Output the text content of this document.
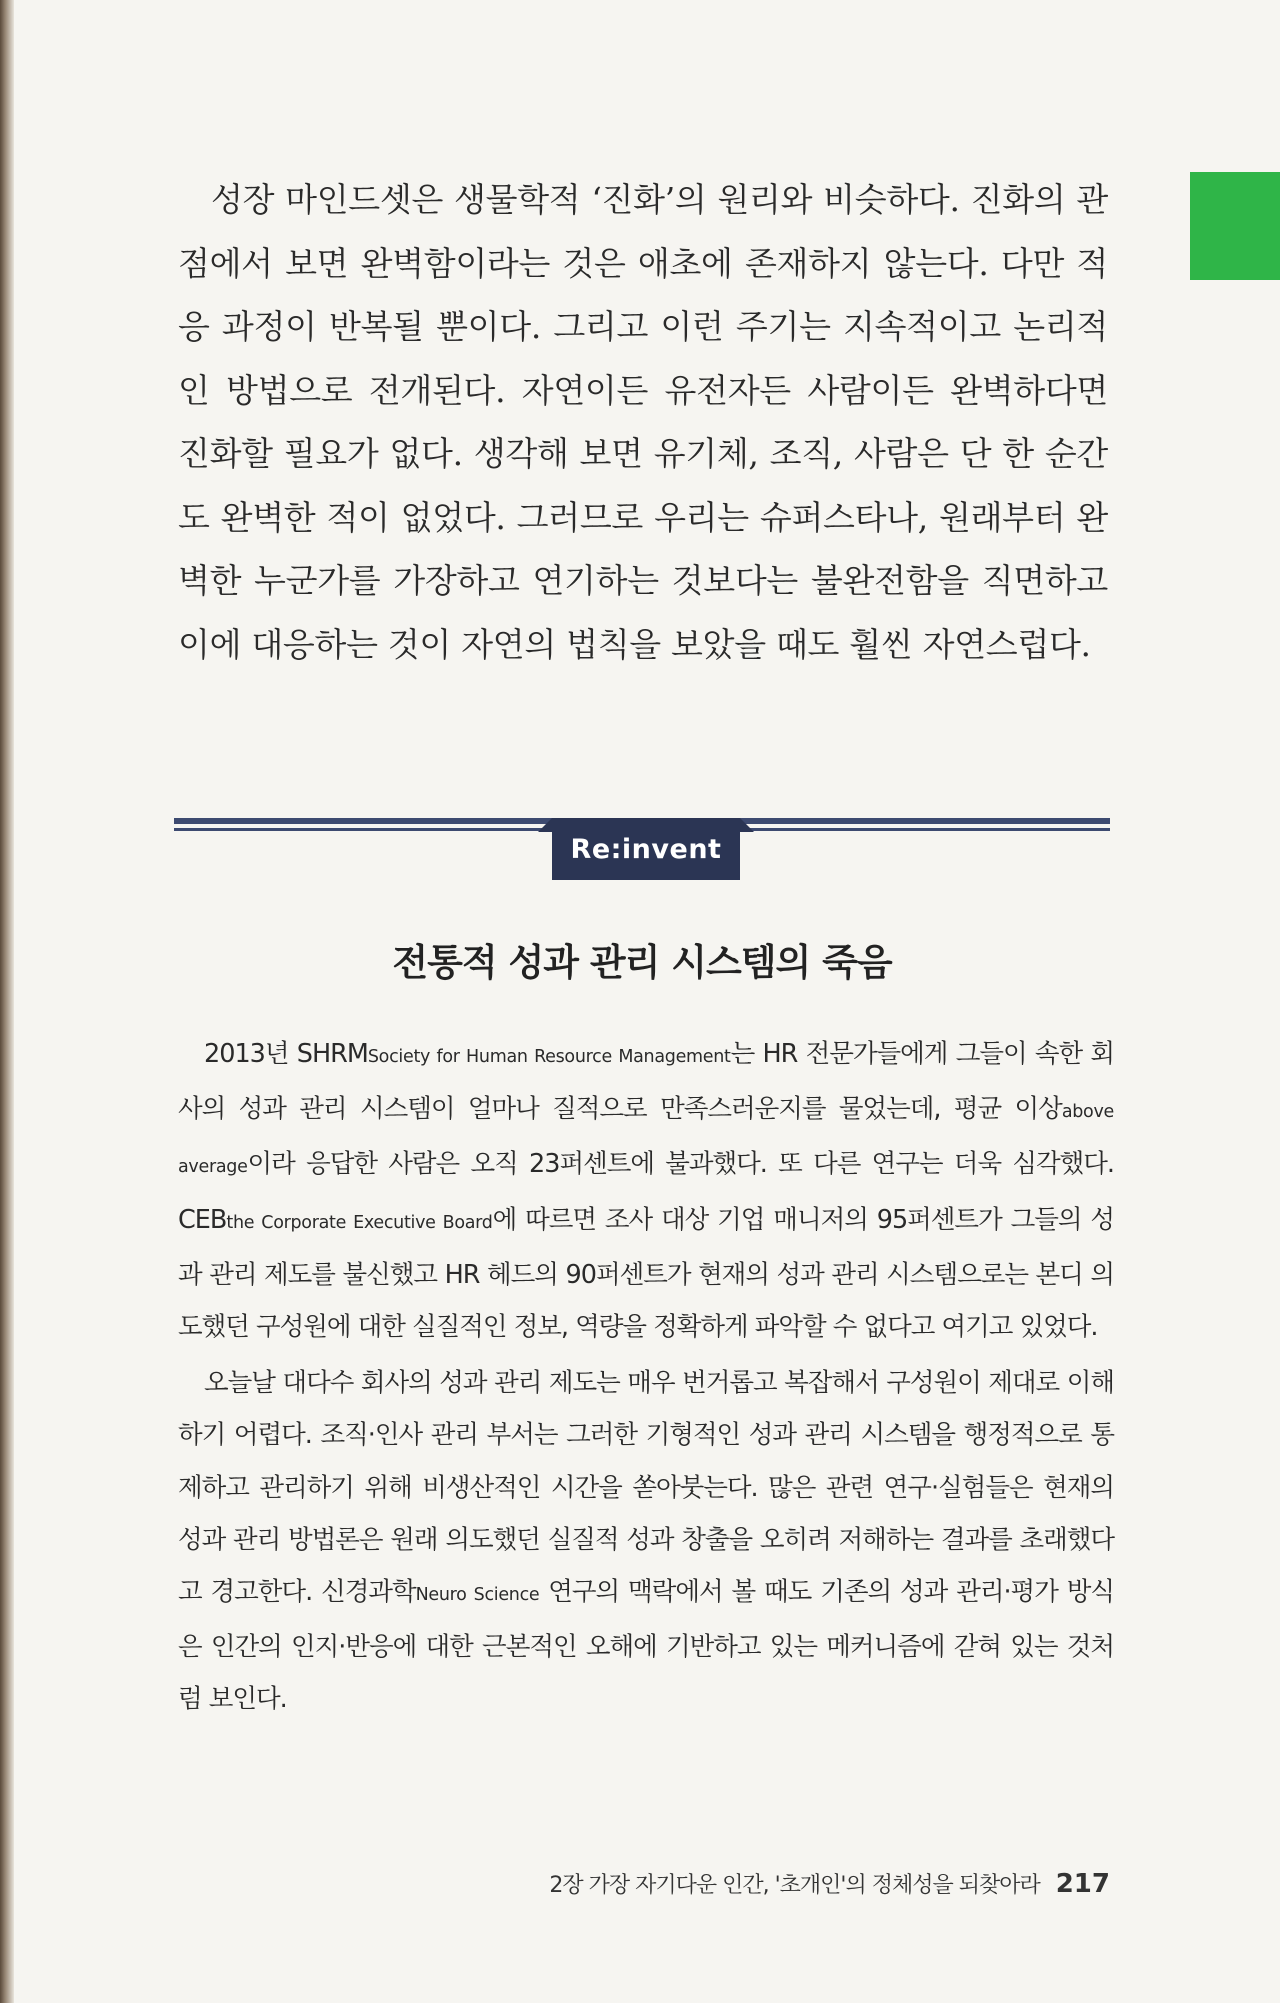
성장 마인드셋은 생물학적 ‘진화’의 원리와 비슷하다. 진화의 관점에서 보면 완벽함이라는 것은 애초에 존재하지 않는다. 다만 적응 과정이 반복될 뿐이다. 그리고 이런 주기는 지속적이고 논리적인 방법으로 전개된다. 자연이든 유전자든 사람이든 완벽하다면 진화할 필요가 없다. 생각해 보면 유기체, 조직, 사람은 단 한 순간도 완벽한 적이 없었다. 그러므로 우리는 슈퍼스타나, 원래부터 완벽한 누군가를 가장하고 연기하는 것보다는 불완전함을 직면하고 이에 대응하는 것이 자연의 법칙을 보았을 때도 훨씬 자연스럽다.

Re:invent
전통적 성과 관리 시스템의 죽음

2013년 SHRMSociety for Human Resource Management는 HR 전문가들에게 그들이 속한 회사의 성과 관리 시스템이 얼마나 질적으로 만족스러운지를 물었는데, 평균 이상above average이라 응답한 사람은 오직 23퍼센트에 불과했다. 또 다른 연구는 더욱 심각했다. CEBthe Corporate Executive Board에 따르면 조사 대상 기업 매니저의 95퍼센트가 그들의 성과 관리 제도를 불신했고 HR 헤드의 90퍼센트가 현재의 성과 관리 시스템으로는 본디 의도했던 구성원에 대한 실질적인 정보, 역량을 정확하게 파악할 수 없다고 여기고 있었다.

오늘날 대다수 회사의 성과 관리 제도는 매우 번거롭고 복잡해서 구성원이 제대로 이해하기 어렵다. 조직·인사 관리 부서는 그러한 기형적인 성과 관리 시스템을 행정적으로 통제하고 관리하기 위해 비생산적인 시간을 쏟아붓는다. 많은 관련 연구·실험들은 현재의 성과 관리 방법론은 원래 의도했던 실질적 성과 창출을 오히려 저해하는 결과를 초래했다고 경고한다. 신경과학Neuro Science 연구의 맥락에서 볼 때도 기존의 성과 관리·평가 방식은 인간의 인지·반응에 대한 근본적인 오해에 기반하고 있는 메커니즘에 갇혀 있는 것처럼 보인다.

2장 가장 자기다운 인간, '초개인'의 정체성을 되찾아라 217
